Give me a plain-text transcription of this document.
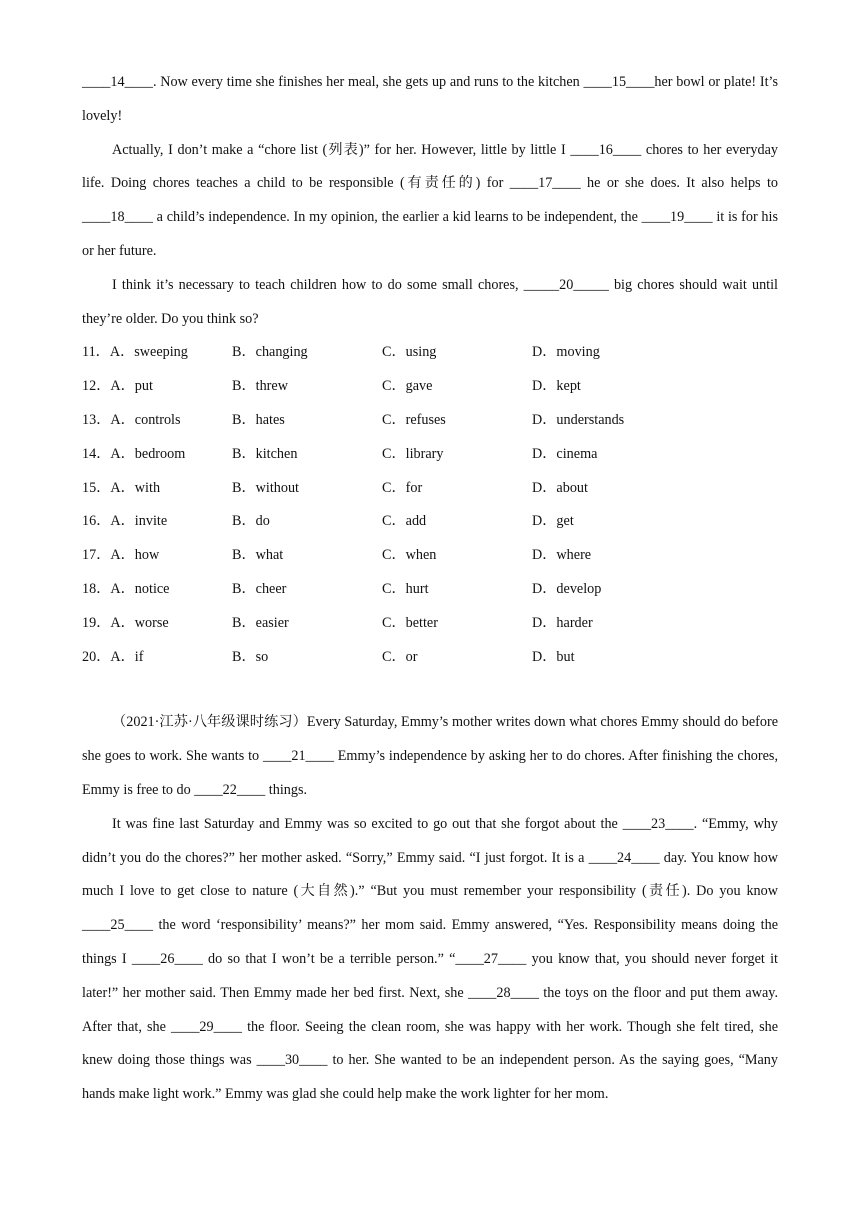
____14____. Now every time she finishes her meal, she gets up and runs to the kitchen ____15____her bowl or plate! It’s lovely!

Actually, I don’t make a “chore list (列表)” for her. However, little by little I ____16____ chores to her everyday life. Doing chores teaches a child to be responsible (有责任的) for ____17____ he or she does. It also helps to ____18____ a child’s independence. In my opinion, the earlier a kid learns to be independent, the ____19____ it is for his or her future.

I think it’s necessary to teach children how to do some small chores, _____20_____ big chores should wait until they’re older. Do you think so?

11．A．sweeping	B．changing	C．using	D．moving
12．A．put	B．threw	C．gave	D．kept
13．A．controls	B．hates	C．refuses	D．understands
14．A．bedroom	B．kitchen	C．library	D．cinema
15．A．with	B．without	C．for	D．about
16．A．invite	B．do	C．add	D．get
17．A．how	B．what	C．when	D．where
18．A．notice	B．cheer	C．hurt	D．develop
19．A．worse	B．easier	C．better	D．harder
20．A．if	B．so	C．or	D．but

（2021·江苏·八年级课时练习）Every Saturday, Emmy’s mother writes down what chores Emmy should do before she goes to work. She wants to ____21____ Emmy’s independence by asking her to do chores. After finishing the chores, Emmy is free to do ____22____ things.

It was fine last Saturday and Emmy was so excited to go out that she forgot about the ____23____. “Emmy, why didn’t you do the chores?” her mother asked. “Sorry,” Emmy said. “I just forgot. It is a ____24____ day. You know how much I love to get close to nature (大自然).” “But you must remember your responsibility (责任). Do you know ____25____ the word ‘responsibility’ means?” her mom said. Emmy answered, “Yes. Responsibility means doing the things I ____26____ do so that I won’t be a terrible person.” “____27____ you know that, you should never forget it later!” her mother said. Then Emmy made her bed first. Next, she ____28____ the toys on the floor and put them away. After that, she ____29____ the floor. Seeing the clean room, she was happy with her work. Though she felt tired, she knew doing those things was ____30____ to her. She wanted to be an independent person. As the saying goes, “Many hands make light work.” Emmy was glad she could help make the work lighter for her mom.
